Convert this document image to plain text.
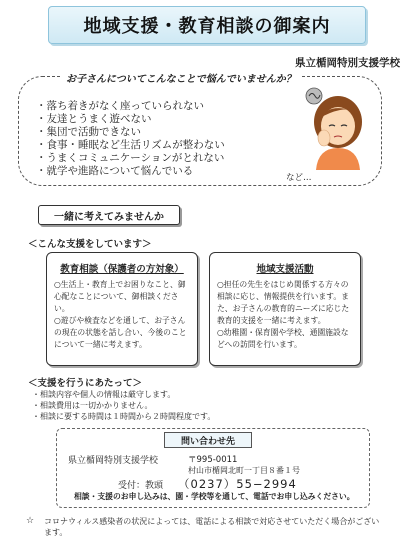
地域支援・教育相談の御案内
県立楯岡特別支援学校
お子さんについてこんなことで悩んでいませんか？
・落ち着きがなく座っていられない
・友達とうまく遊べない
・集団で活動できない
・食事・睡眠など生活リズムが整わない
・うまくコミュニケーションがとれない
・就学や進路について悩んでいる
など…
一緒に考えてみませんか
＜こんな支援をしています＞
教育相談（保護者の方対象）

○生活上・教育上でお困りなこと、御心配なことについて、御相談ください。

○遊びや検査などを通して、お子さんの現在の状態を話し合い、今後のことについて一緒に考えます。

地域支援活動

○担任の先生をはじめ関係する方々の相談に応じ、情報提供を行います。また、お子さんの教育的ニーズに応じた教育的支援を一緒に考えます。

○幼稚園・保育園や学校、通園施設などへの訪問を行います。

＜支援を行うにあたって＞
・相談内容や個人の情報は厳守します。
・相談費用は一切かかりません。
・相談に要する時間は１時間から２時間程度です。
問い合わせ先
県立楯岡特別支援学校	〒995-0011
村山市楯岡北町一丁目８番１号
受付：教頭 （0237）55−2994
相談・支援のお申し込みは、園・学校等を通して、電話でお申し込みください。
☆ コロナウィルス感染者の状況によっては、電話による相談で対応させていただく場合がございます。
